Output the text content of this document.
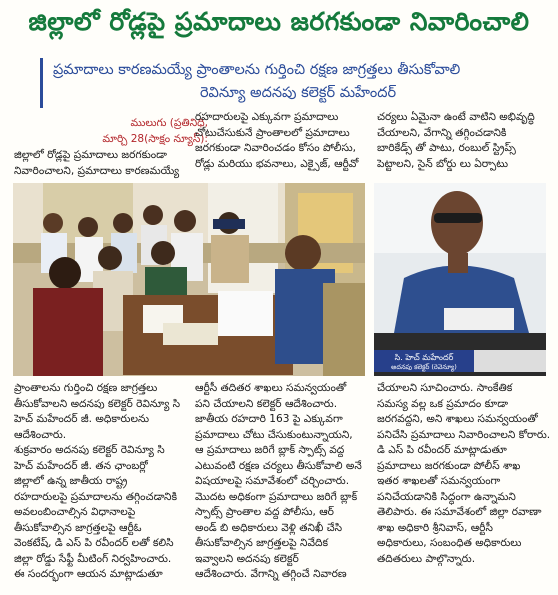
జిల్లాలో రోడ్లపై ప్రమాదాలు జరగకుండా నివారించాలి
ప్రమాదాలు కారణమయ్యే ప్రాంతాలను గుర్తించి రక్షణ జాగ్రత్తలు తీసుకోవాలి
రెవిన్యూ అదనపు కలెక్టర్ మహేందర్

ములుగు (ప్రతినిధి,

మార్చి 28(సాక్షం న్యూస్):

జిల్లాలో రోడ్లపై ప్రమాదాలు జరగకుండా

నివారించాలని, ప్రమాదాలు కారణమయ్యే

రహదారులపై ఎక్కువగా ప్రమాదాలు

చోటుచేసుకునే ప్రాంతాలలో ప్రమాదాలు

జరగకుండా నివారించడం కోసం పోలీసు,

రోడ్లు మరియు భవనాలు, ఎక్సైజ్, ఆర్టీవో

చర్యలు ఏమైనా ఉంటే వాటిని అభివృద్ధి

చేయాలని, వేగాన్ని తగ్గించడానికి

బారికేడ్స్ తో పాటు, రంబుల్ స్ట్రిప్స్

పెట్టాలని, సైన్ బోర్డు లు ఏర్పాటు

సి. హెచ్ మహేందర్
అదనపు కలెక్టర్ (రెవెన్యూ)

ప్రాంతాలను గుర్తించి రక్షణ జాగ్రత్తలు

తీసుకోవాలని అదనపు కలెక్టర్ రెవిన్యూ సి

హెచ్ మహేందర్ జీ. అధికారులను

ఆదేశించారు.

శుక్రవారం అదనపు కలెక్టర్ రెవిన్యూ సి

హెచ్ మహేందర్ జీ. తన ఛాంబర్లో

జిల్లాలో ఉన్న జాతీయ రాష్ట్ర

రహదారులపై ప్రమాదాలను తగ్గించడానికి

అవలంబించాల్సిన విధానాలపై

తీసుకోవాల్సిన జాగ్రత్తలపై ఆర్టీఓ

వెంకటేష్, డి ఎస్ పి రవీందర్ లతో కలిసి

జిల్లా రోడ్డు సేఫ్టీ మీటింగ్ నిర్వహించారు.

ఈ సందర్భంగా ఆయన మాట్లాడుతూ

ఆర్టీసీ తదితర శాఖలు సమన్వయంతో

పని చేయాలని కలెక్టర్ ఆదేశించారు.

జాతీయ రహదారి 163 పై ఎక్కువగా

ప్రమాదాలు చోటు చేసుకుంటున్నాయని,

ఆ ప్రమాదాలు జరిగే బ్లాక్ స్పాట్స్ వద్ద

ఎటువంటి రక్షణ చర్యలు తీసుకోవాలి అనే

విషయాలపై సమావేశంలో చర్చించారు.

మొదట అధికంగా ప్రమాదాలు జరిగే బ్లాక్

స్పాట్స్ ప్రాంతాల వద్ద పోలీసు, ఆర్

అండ్ బి అధికారులు వెళ్లి తనిఖీ చేసి

తీసుకోవాల్సిన జాగ్రత్తలపై నివేదిక

ఇవ్వాలని అదనపు కలెక్టర్

ఆదేశించారు. వేగాన్ని తగ్గించే నివారణ

చేయాలని సూచించారు. సాంకేతిక

సమస్య వల్ల ఒక ప్రమాదం కూడా

జరగవద్దని, అని శాఖలు సమన్వయంతో

పనిచేసి ప్రమాదాలు నివారించాలని కోరారు.

డి ఎస్ పి రవీందర్ మాట్లాడుతూ

ప్రమాదాలు జరగకుండా పోలీస్ శాఖ

ఇతర శాఖలతో సమన్వయంగా

పనిచేయడానికి సిద్ధంగా ఉన్నామని

తెలిపారు. ఈ సమావేశంలో జిల్లా రవాణా

శాఖ అధికారి శ్రీనివాస్, ఆర్టీసీ

అధికారులు, సంబంధిత అధికారులు

తదితరులు పాల్గొన్నారు.
